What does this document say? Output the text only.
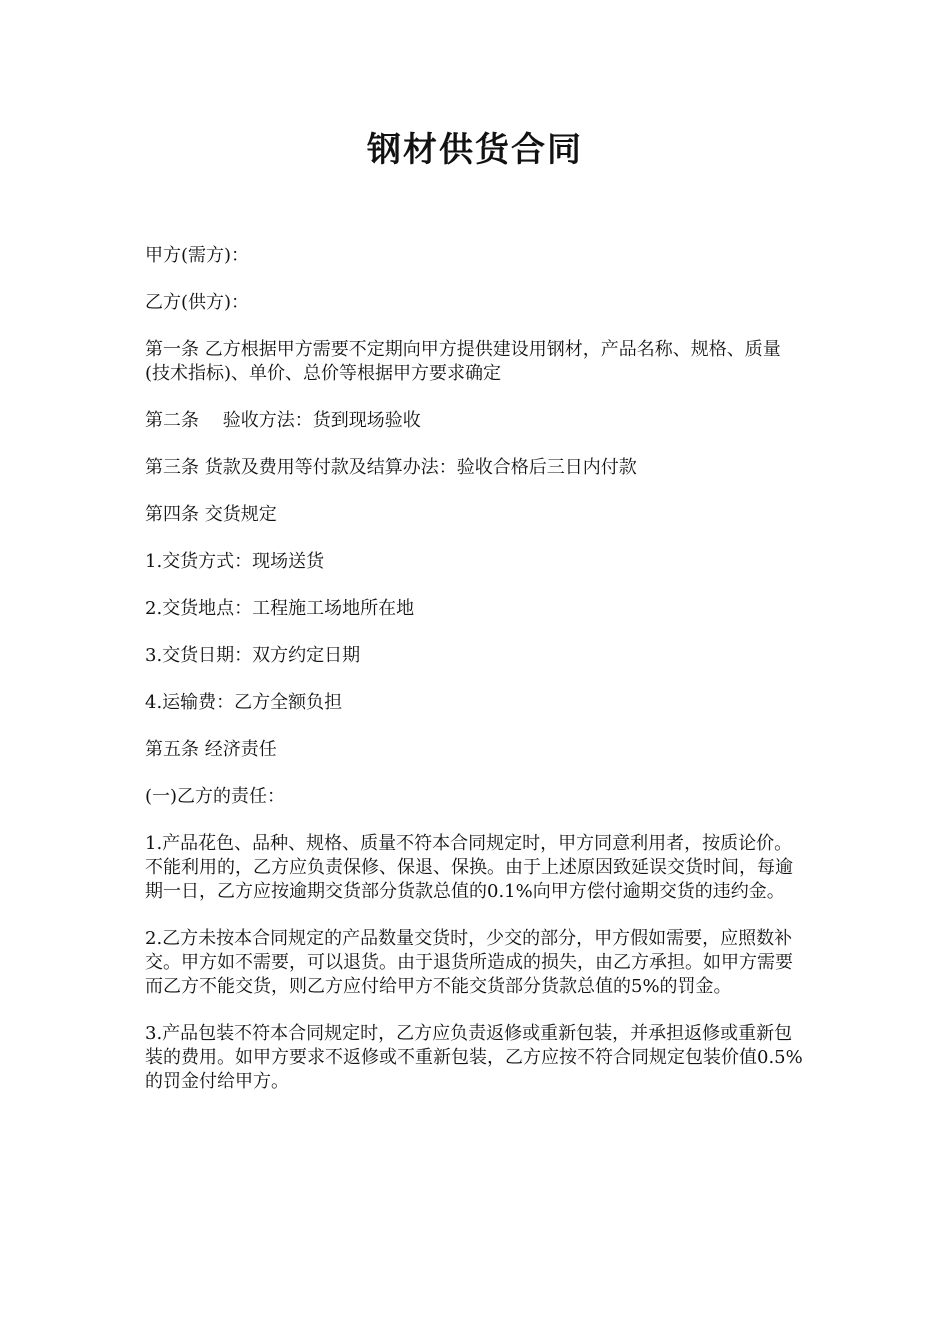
钢材供货合同

甲方(需方)：

乙方(供方)：

第一条 乙方根据甲方需要不定期向甲方提供建设用钢材，产品名称、规格、质量(技术指标)、单价、总价等根据甲方要求确定

第二条　 验收方法：货到现场验收

第三条 货款及费用等付款及结算办法：验收合格后三日内付款

第四条 交货规定

1.交货方式：现场送货

2.交货地点：工程施工场地所在地

3.交货日期：双方约定日期

4.运输费：乙方全额负担

第五条 经济责任

(一)乙方的责任：

1.产品花色、品种、规格、质量不符本合同规定时，甲方同意利用者，按质论价。不能利用的，乙方应负责保修、保退、保换。由于上述原因致延误交货时间，每逾期一日，乙方应按逾期交货部分货款总值的0.1%向甲方偿付逾期交货的违约金。

2.乙方未按本合同规定的产品数量交货时，少交的部分，甲方假如需要，应照数补交。甲方如不需要，可以退货。由于退货所造成的损失，由乙方承担。如甲方需要而乙方不能交货，则乙方应付给甲方不能交货部分货款总值的5%的罚金。

3.产品包装不符本合同规定时，乙方应负责返修或重新包装，并承担返修或重新包装的费用。如甲方要求不返修或不重新包装，乙方应按不符合同规定包装价值0.5%的罚金付给甲方。
